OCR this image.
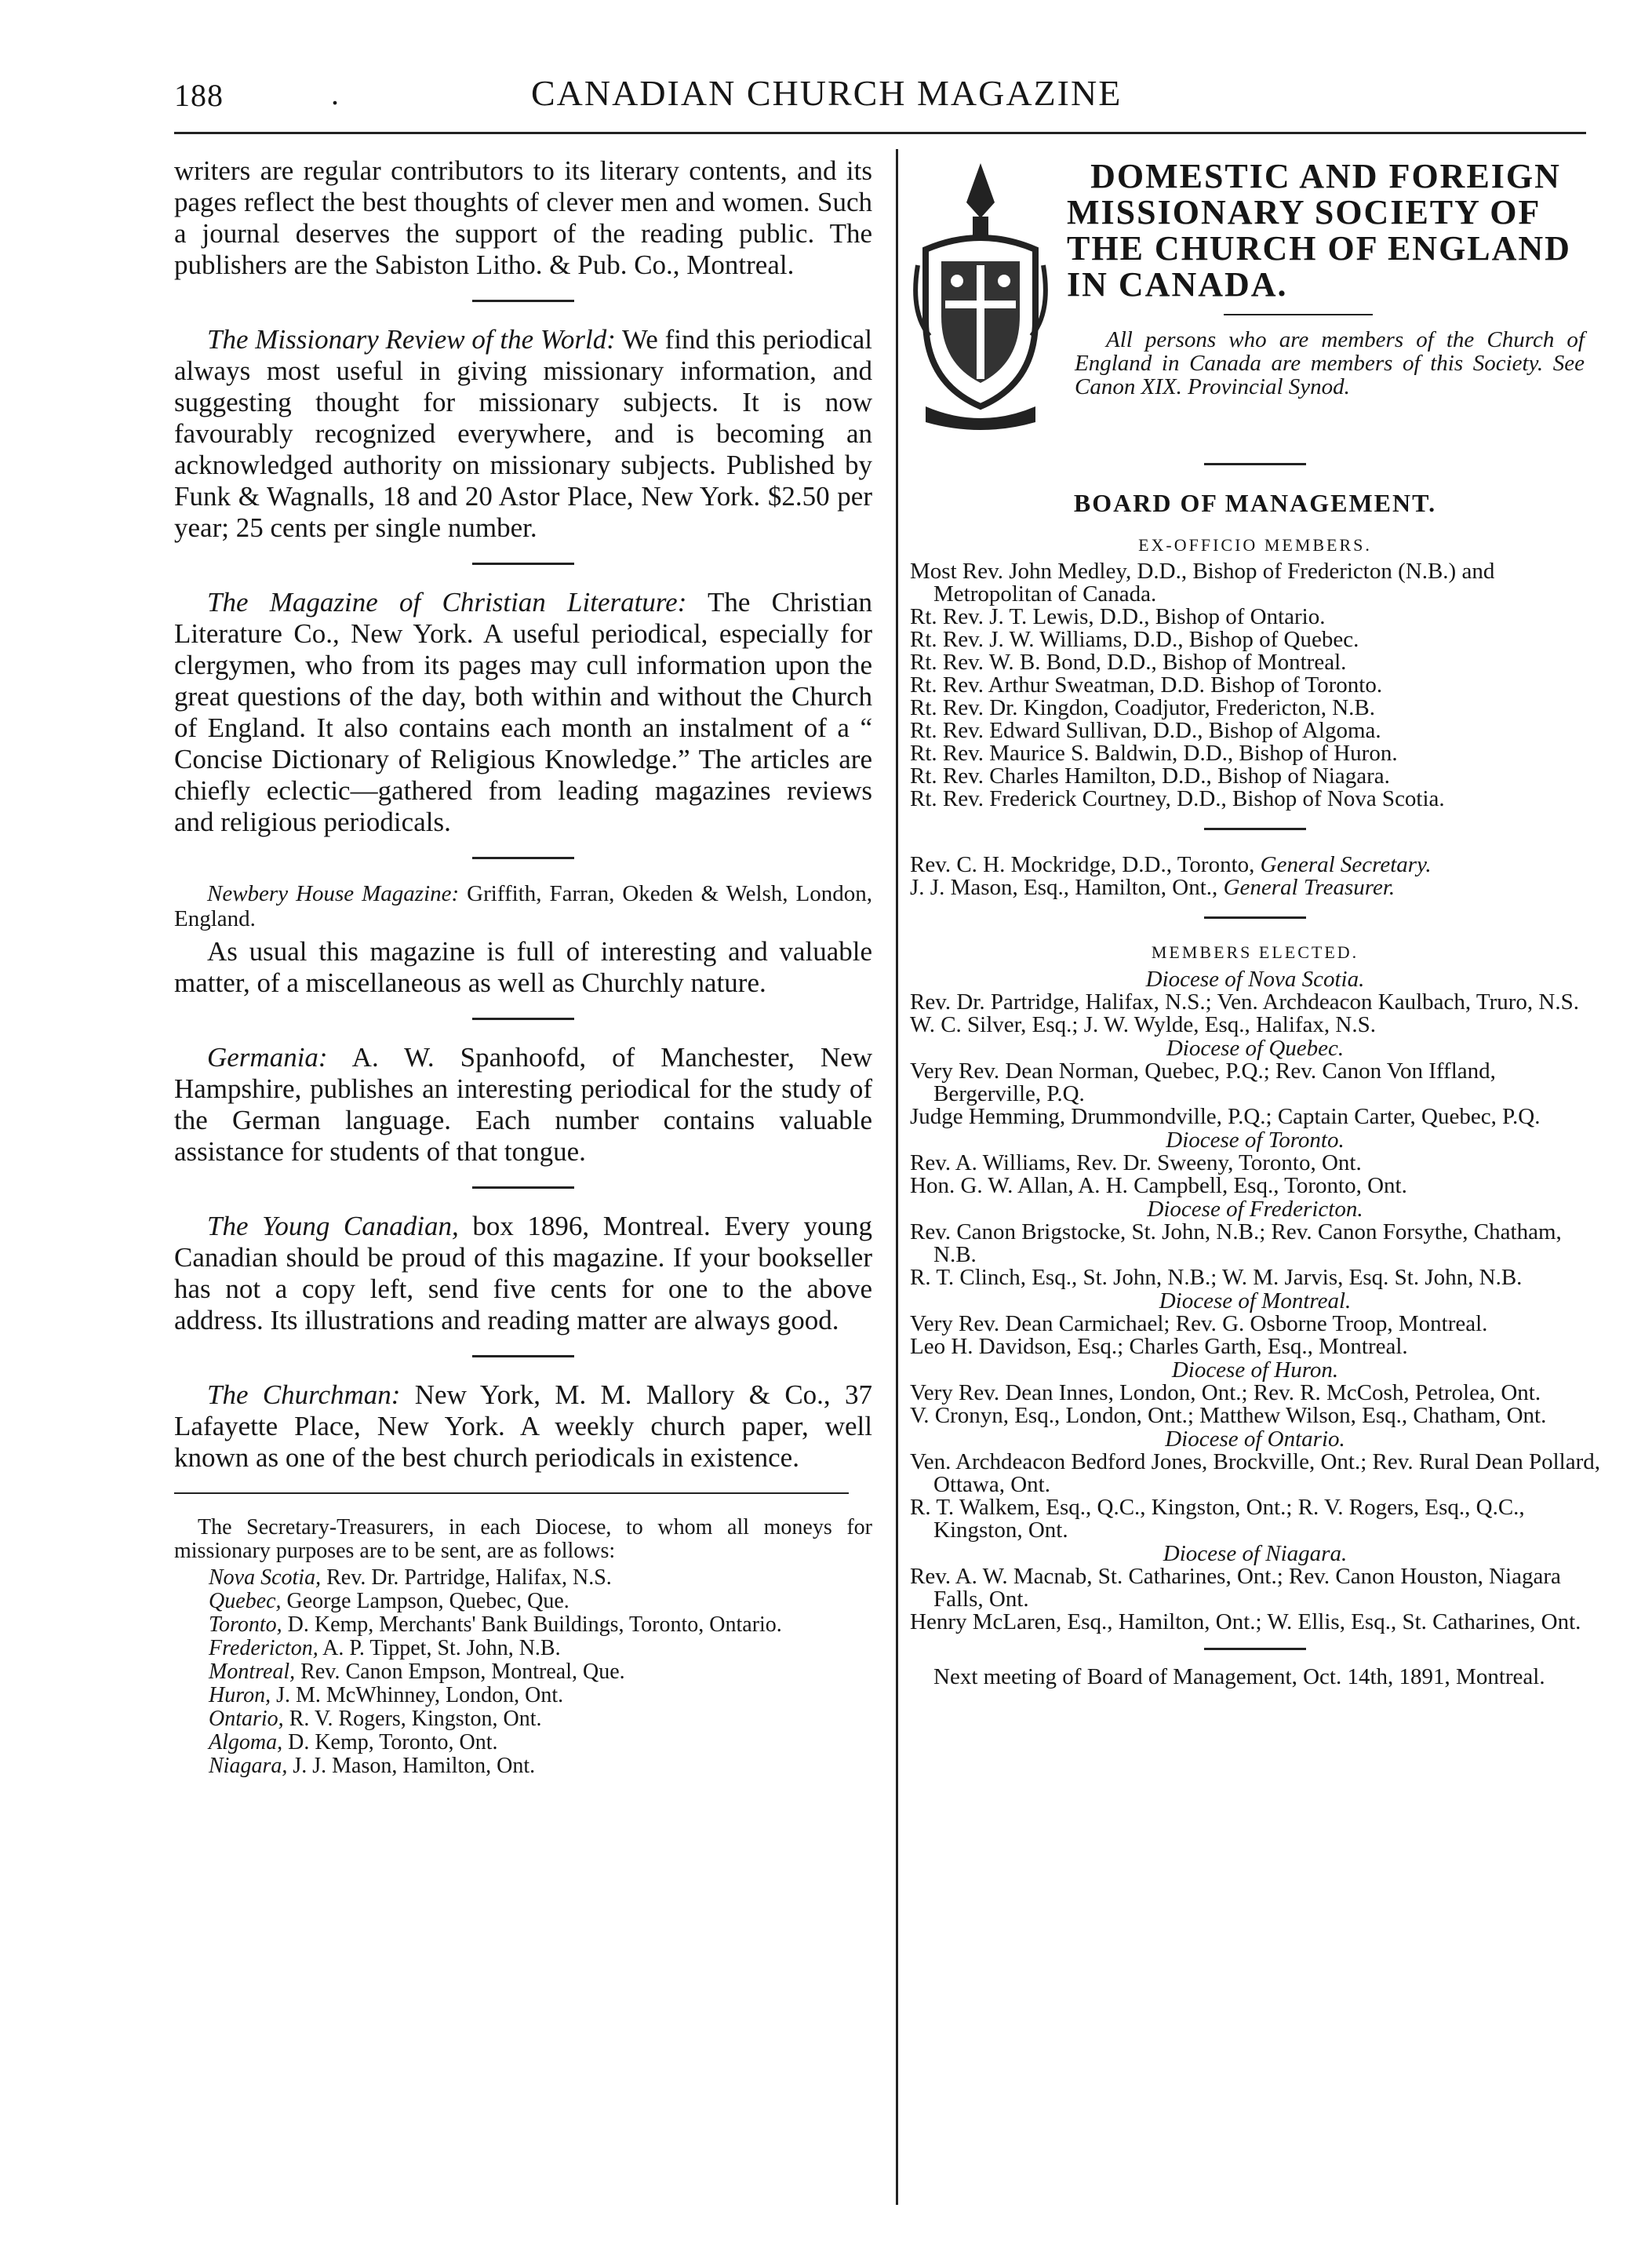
188	.	CANADIAN CHURCH MAGAZINE

writers are regular contributors to its literary contents, and its pages reflect the best thoughts of clever men and women. Such a journal deserves the support of the reading public. The publishers are the Sabiston Litho. & Pub. Co., Montreal.

The Missionary Review of the World: We find this periodical always most useful in giving missionary information, and suggesting thought for missionary subjects. It is now favourably recognized everywhere, and is becoming an acknowledged authority on missionary subjects. Published by Funk & Wagnalls, 18 and 20 Astor Place, New York. $2.50 per year; 25 cents per single number.

The Magazine of Christian Literature: The Christian Literature Co., New York. A useful periodical, especially for clergymen, who from its pages may cull information upon the great questions of the day, both within and without the Church of England. It also contains each month an instalment of a “ Concise Dictionary of Religious Knowledge.” The articles are chiefly eclectic—gathered from leading magazines reviews and religious periodicals.

Newbery House Magazine: Griffith, Farran, Okeden & Welsh, London, England.

As usual this magazine is full of interesting and valuable matter, of a miscellaneous as well as Churchly nature.

Germania: A. W. Spanhoofd, of Manchester, New Hampshire, publishes an interesting periodical for the study of the German language. Each number contains valuable assistance for students of that tongue.

The Young Canadian, box 1896, Montreal. Every young Canadian should be proud of this magazine. If your bookseller has not a copy left, send five cents for one to the above address. Its illustrations and reading matter are always good.

The Churchman: New York, M. M. Mallory & Co., 37 Lafayette Place, New York. A weekly church paper, well known as one of the best church periodicals in existence.

The Secretary-Treasurers, in each Diocese, to whom all moneys for missionary purposes are to be sent, are as follows:

Nova Scotia, Rev. Dr. Partridge, Halifax, N.S.

Quebec, George Lampson, Quebec, Que.

Toronto, D. Kemp, Merchants' Bank Buildings, Toronto, Ontario.

Fredericton, A. P. Tippet, St. John, N.B.

Montreal, Rev. Canon Empson, Montreal, Que.

Huron, J. M. McWhinney, London, Ont.

Ontario, R. V. Rogers, Kingston, Ont.

Algoma, D. Kemp, Toronto, Ont.

Niagara, J. J. Mason, Hamilton, Ont.

DOMESTIC AND FOREIGN
MISSIONARY SOCIETY OF THE CHURCH OF ENGLAND IN CANADA.

All persons who are members of the Church of England in Canada are members of this Society. See Canon XIX. Provincial Synod.

BOARD OF MANAGEMENT.
EX-OFFICIO MEMBERS.

Most Rev. John Medley, D.D., Bishop of Fredericton (N.B.) and Metropolitan of Canada.

Rt. Rev. J. T. Lewis, D.D., Bishop of Ontario.

Rt. Rev. J. W. Williams, D.D., Bishop of Quebec.

Rt. Rev. W. B. Bond, D.D., Bishop of Montreal.

Rt. Rev. Arthur Sweatman, D.D. Bishop of Toronto.

Rt. Rev. Dr. Kingdon, Coadjutor, Fredericton, N.B.

Rt. Rev. Edward Sullivan, D.D., Bishop of Algoma.

Rt. Rev. Maurice S. Baldwin, D.D., Bishop of Huron.

Rt. Rev. Charles Hamilton, D.D., Bishop of Niagara.

Rt. Rev. Frederick Courtney, D.D., Bishop of Nova Scotia.

Rev. C. H. Mockridge, D.D., Toronto, General Secretary.

J. J. Mason, Esq., Hamilton, Ont., General Treasurer.

MEMBERS ELECTED.
Diocese of Nova Scotia.

Rev. Dr. Partridge, Halifax, N.S.; Ven. Archdeacon Kaulbach, Truro, N.S.

W. C. Silver, Esq.; J. W. Wylde, Esq., Halifax, N.S.

Diocese of Quebec.

Very Rev. Dean Norman, Quebec, P.Q.; Rev. Canon Von Iffland, Bergerville, P.Q.

Judge Hemming, Drummondville, P.Q.; Captain Carter, Quebec, P.Q.

Diocese of Toronto.

Rev. A. Williams, Rev. Dr. Sweeny, Toronto, Ont.

Hon. G. W. Allan, A. H. Campbell, Esq., Toronto, Ont.

Diocese of Fredericton.

Rev. Canon Brigstocke, St. John, N.B.; Rev. Canon Forsythe, Chatham, N.B.

R. T. Clinch, Esq., St. John, N.B.; W. M. Jarvis, Esq. St. John, N.B.

Diocese of Montreal.

Very Rev. Dean Carmichael; Rev. G. Osborne Troop, Montreal.

Leo H. Davidson, Esq.; Charles Garth, Esq., Montreal.

Diocese of Huron.

Very Rev. Dean Innes, London, Ont.; Rev. R. McCosh, Petrolea, Ont.

V. Cronyn, Esq., London, Ont.; Matthew Wilson, Esq., Chatham, Ont.

Diocese of Ontario.

Ven. Archdeacon Bedford Jones, Brockville, Ont.; Rev. Rural Dean Pollard, Ottawa, Ont.

R. T. Walkem, Esq., Q.C., Kingston, Ont.; R. V. Rogers, Esq., Q.C., Kingston, Ont.

Diocese of Niagara.

Rev. A. W. Macnab, St. Catharines, Ont.; Rev. Canon Houston, Niagara Falls, Ont.

Henry McLaren, Esq., Hamilton, Ont.; W. Ellis, Esq., St. Catharines, Ont.

Next meeting of Board of Management, Oct. 14th, 1891, Montreal.
